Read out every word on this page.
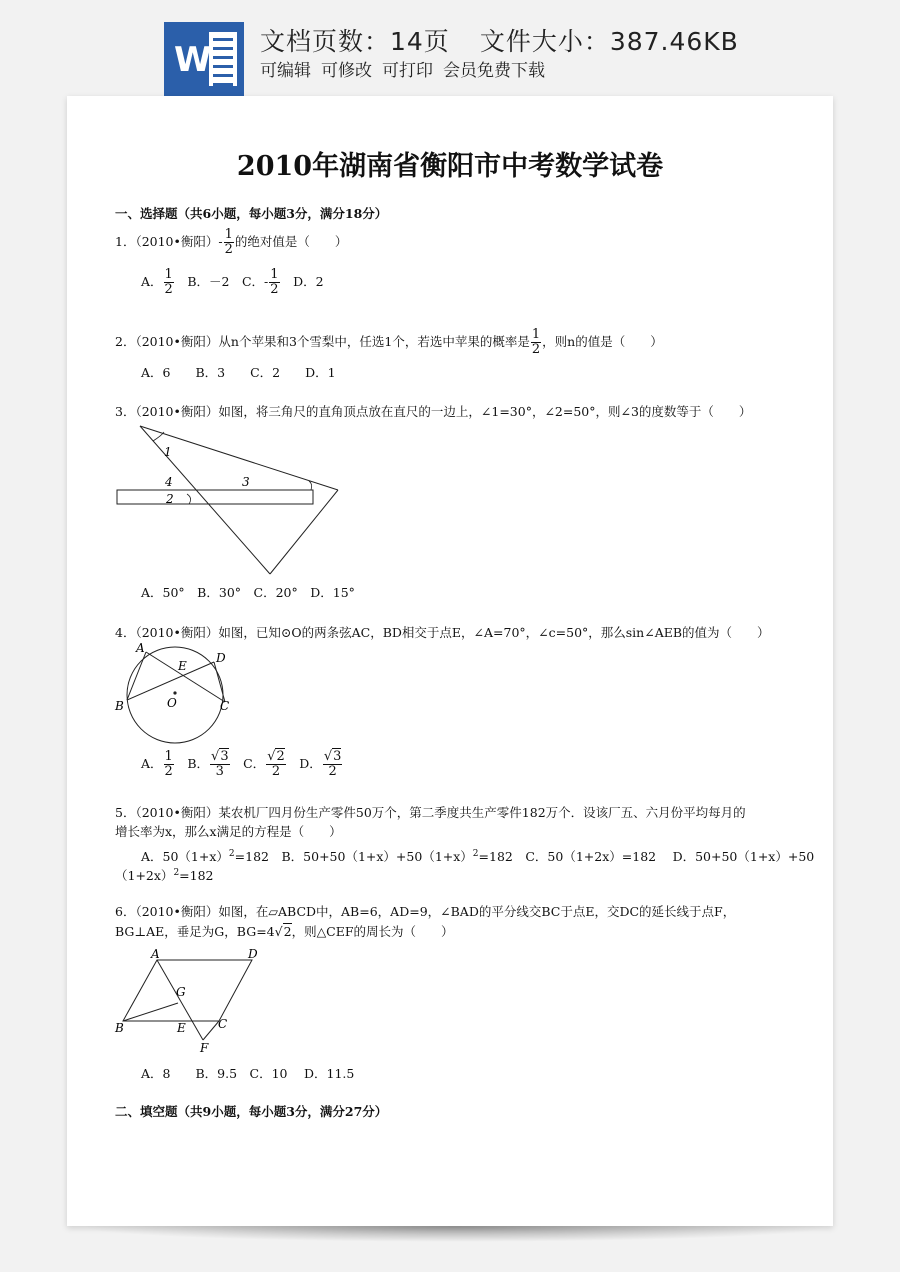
W 文档页数：14页 文件大小：387.46KB
可编辑 可修改 可打印 会员免费下载
2010年湖南省衡阳市中考数学试卷
一、选择题（共6小题，每小题3分，满分18分）
1．（2010•衡阳）- $\frac{1}{2}$ 的绝对值是（　　）
A． $\frac{1}{2}$
　 B．－2　 C．- $\frac{1}{2}$
　 D．2
2．（2010•衡阳）从n个苹果和3个雪梨中，任选1个，若选中苹果的概率是 $\frac{1}{2}$ ，则n的值是（　　）
A．6　　B．3　　C．2　　D．1
3．（2010•衡阳）如图，将三角尺的直角顶点放在直尺的一边上，∠1=30°，∠2=50°，则∠3的度数等于（　　）
1
4	3
2
A．50°　B．30°　C．20°　D．15°
4．（2010•衡阳）如图，已知⊙O的两条弦AC，BD相交于点E，∠A=70°，∠c=50°，那么sin∠AEB的值为（　　）
A
E
D
B	O	C
A． $\frac{1}{2}$
　 B． $\frac{√3}{3}$
　 C． $\frac{√2}{2}$
　 D． $\frac{√3}{2}$
5．（2010•衡阳）某农机厂四月份生产零件50万个，第二季度共生产零件182万个．设该厂五、六月份平均每月的
增长率为x，那么x满足的方程是（　　）
A．$50(1+x)^2=182$　B．$50+50(1+x)+50(1+x)^2=182$　C．50（1+2x）=182　 D．50+50（1+x）+50
$(1+2x)^2=182$
6．（2010•衡阳）如图，在▱ABCD中，AB=6，AD=9，∠BAD的平分线交BC于点E，交DC的延长线于点F，
BG⊥AE，垂足为G，BG=4√2，则△CEF的周长为（　　）
A	D
G
B	E	C
F
A．8　　B．9.5　C．10　 D．11.5
二、填空题（共9小题，每小题3分，满分27分）
